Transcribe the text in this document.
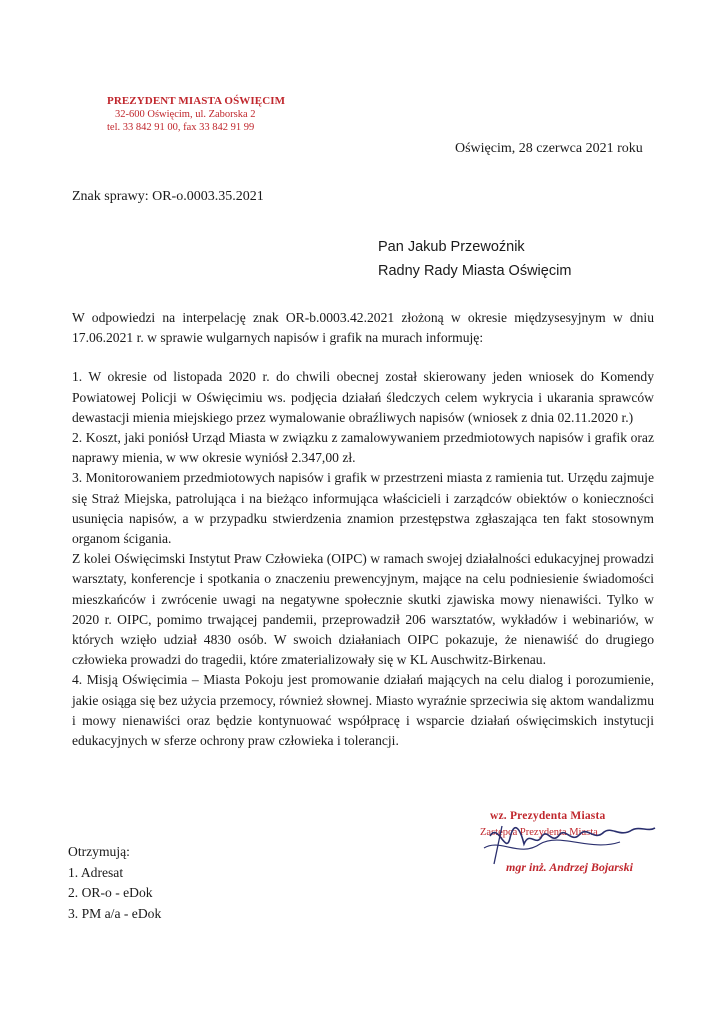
PREZYDENT MIASTA OŚWIĘCIM
32-600 Oświęcim, ul. Zaborska 2
tel. 33 842 91 00, fax 33 842 91 99
Oświęcim, 28 czerwca 2021 roku
Znak sprawy: OR-o.0003.35.2021
Pan Jakub Przewoźnik
Radny Rady Miasta Oświęcim

W odpowiedzi na interpelację znak OR-b.0003.42.2021 złożoną w okresie międzysesyjnym w dniu 17.06.2021 r. w sprawie wulgarnych napisów i grafik na murach informuję:

1. W okresie od listopada 2020 r. do chwili obecnej został skierowany jeden wniosek do Komendy Powiatowej Policji w Oświęcimiu ws. podjęcia działań śledczych celem wykrycia i ukarania sprawców dewastacji mienia miejskiego przez wymalowanie obraźliwych napisów (wniosek z dnia 02.11.2020 r.)

2. Koszt, jaki poniósł Urząd Miasta w związku z zamalowywaniem przedmiotowych napisów i grafik oraz naprawy mienia, w ww okresie wyniósł 2.347,00 zł.

3. Monitorowaniem przedmiotowych napisów i grafik w przestrzeni miasta z ramienia tut. Urzędu zajmuje się Straż Miejska, patrolująca i na bieżąco informująca właścicieli i zarządców obiektów o konieczności usunięcia napisów, a w przypadku stwierdzenia znamion przestępstwa zgłaszająca ten fakt stosownym organom ścigania.

Z kolei Oświęcimski Instytut Praw Człowieka (OIPC) w ramach swojej działalności edukacyjnej prowadzi warsztaty, konferencje i spotkania o znaczeniu prewencyjnym, mające na celu podniesienie świadomości mieszkańców i zwrócenie uwagi na negatywne społecznie skutki zjawiska mowy nienawiści. Tylko w 2020 r. OIPC, pomimo trwającej pandemii, przeprowadził 206 warsztatów, wykładów i webinariów, w których wzięło udział 4830 osób. W swoich działaniach OIPC pokazuje, że nienawiść do drugiego człowieka prowadzi do tragedii, które zmaterializowały się w KL Auschwitz-Birkenau.

4. Misją Oświęcimia – Miasta Pokoju jest promowanie działań mających na celu dialog i porozumienie, jakie osiąga się bez użycia przemocy, również słownej. Miasto wyraźnie sprzeciwia się aktom wandalizmu i mowy nienawiści oraz będzie kontynuować współpracę i wsparcie działań oświęcimskich instytucji edukacyjnych w sferze ochrony praw człowieka i tolerancji.

wz. Prezydenta Miasta
Zastępca Prezydenta Miasta
mgr inż. Andrzej Bojarski
Otrzymują:
1. Adresat
2. OR-o - eDok
3. PM a/a - eDok
